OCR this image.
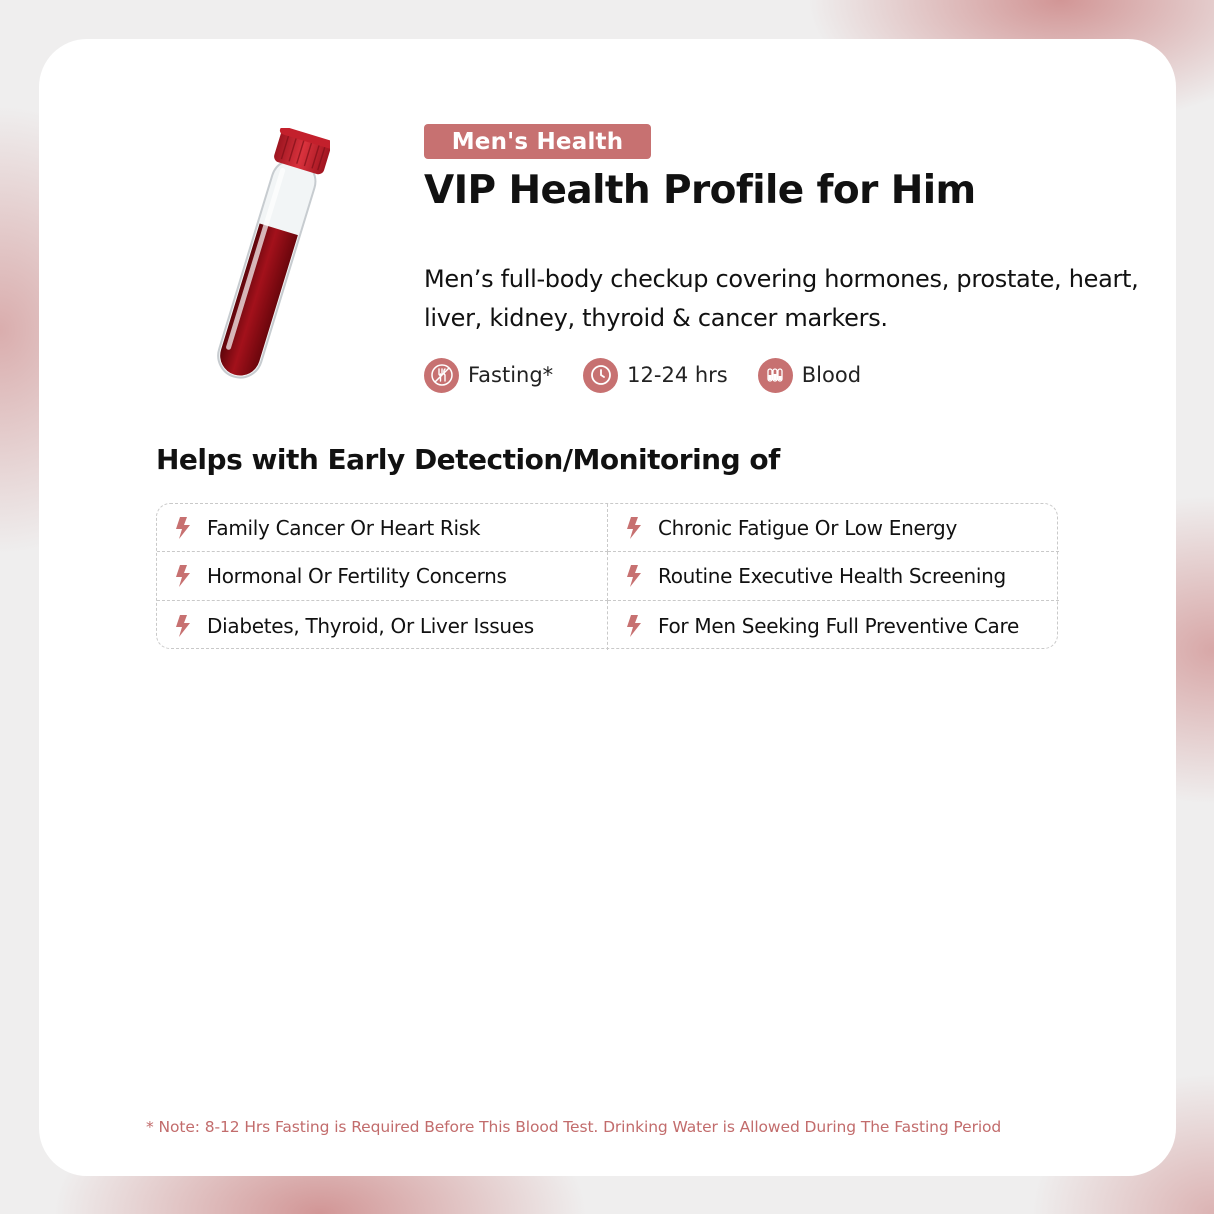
Men's Health
VIP Health Profile for Him

Men’s full-body checkup covering hormones, prostate, heart, liver, kidney, thyroid & cancer markers.

Fasting*	12-24 hrs	Blood
Helps with Early Detection/Monitoring of
Family Cancer Or Heart Risk	Chronic Fatigue Or Low Energy
Hormonal Or Fertility Concerns	Routine Executive Health Screening
Diabetes, Thyroid, Or Liver Issues	For Men Seeking Full Preventive Care

* Note: 8-12 Hrs Fasting is Required Before This Blood Test. Drinking Water is Allowed During The Fasting Period
